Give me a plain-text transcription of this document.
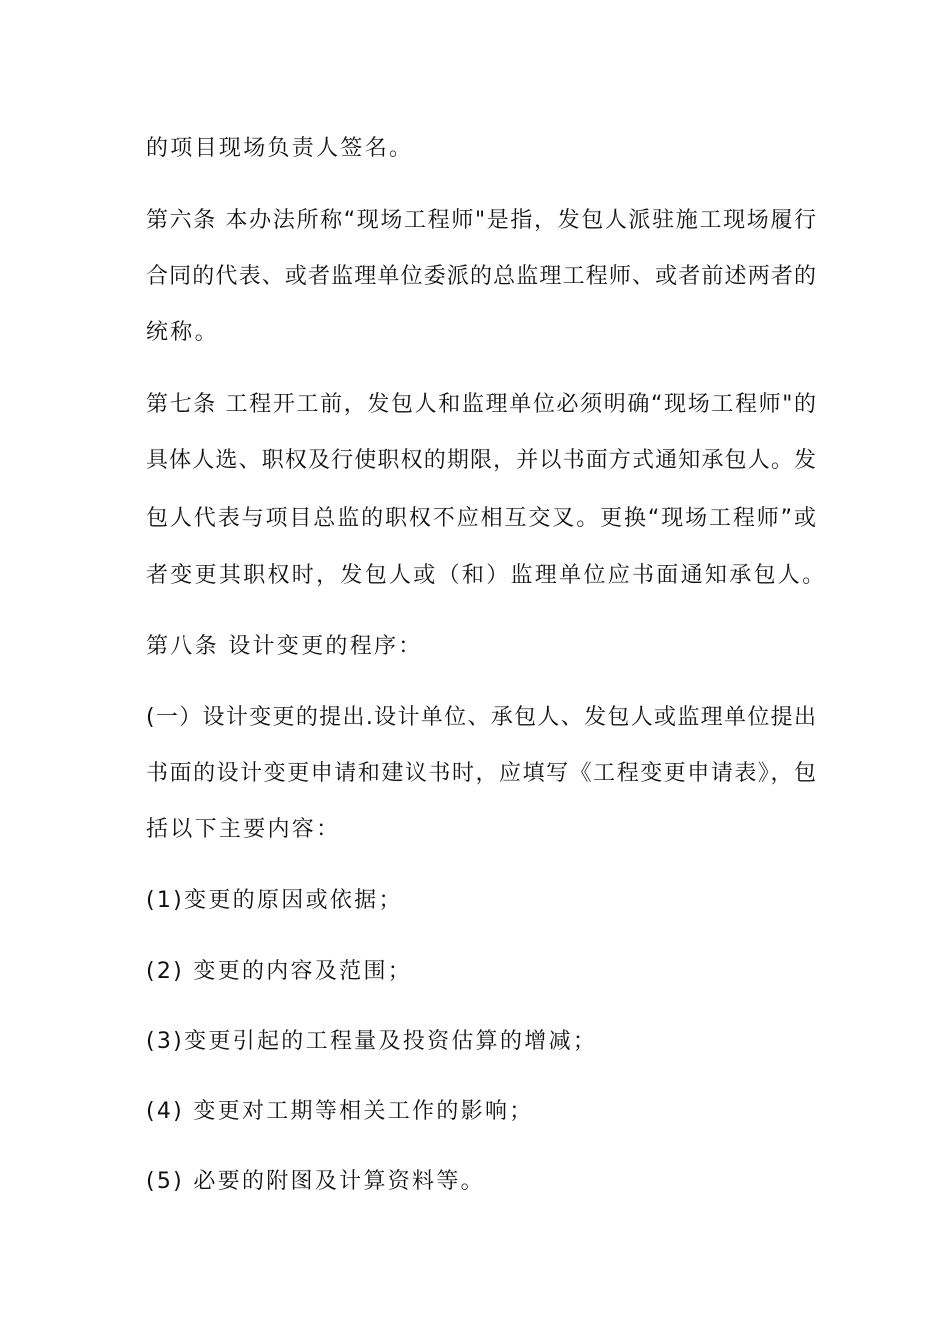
的项目现场负责人签名。
第六条 本办法所称“现场工程师"是指，发包人派驻施工现场履行
合同的代表、或者监理单位委派的总监理工程师、或者前述两者的
统称。
第七条 工程开工前，发包人和监理单位必须明确“现场工程师"的
具体人选、职权及行使职权的期限，并以书面方式通知承包人。发
包人代表与项目总监的职权不应相互交叉。更换“现场工程师”或
者变更其职权时，发包人或（和）监理单位应书面通知承包人。
第八条 设计变更的程序：
(一）设计变更的提出.设计单位、承包人、发包人或监理单位提出
书面的设计变更申请和建议书时，应填写《工程变更申请表》，包
括以下主要内容：
(1)变更的原因或依据；
(2) 变更的内容及范围；
(3)变更引起的工程量及投资估算的增减；
(4) 变更对工期等相关工作的影响；
(5) 必要的附图及计算资料等。
